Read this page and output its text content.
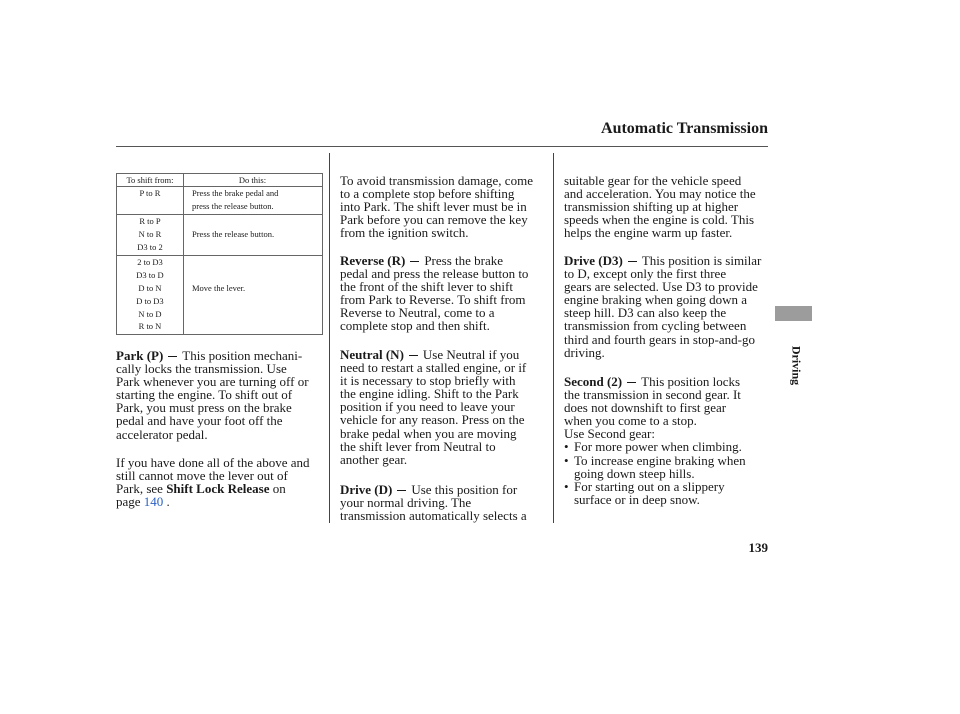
Automatic Transmission
Driving
139
To shift from:	Do this:
P to R	Press the brake pedal and
press the release button.
R to P
N to R
D3 to 2
Press the release button.
2 to D3
D3 to D
D to N
D to D3
N to D
R to N
Move the lever.
Park (P) This position mechani-
cally locks the transmission. Use
Park whenever you are turning off or
starting the engine. To shift out of
Park, you must press on the brake
pedal and have your foot off the
accelerator pedal.
If you have done all of the above and
still cannot move the lever out of
Park, see Shift Lock Release on
page 140 .
To avoid transmission damage, come
to a complete stop before shifting
into Park. The shift lever must be in
Park before you can remove the key
from the ignition switch.
Reverse (R) Press the brake
pedal and press the release button to
the front of the shift lever to shift
from Park to Reverse. To shift from
Reverse to Neutral, come to a
complete stop and then shift.
Neutral (N) Use Neutral if you
need to restart a stalled engine, or if
it is necessary to stop briefly with
the engine idling. Shift to the Park
position if you need to leave your
vehicle for any reason. Press on the
brake pedal when you are moving
the shift lever from Neutral to
another gear.
Drive (D) Use this position for
your normal driving. The
transmission automatically selects a
suitable gear for the vehicle speed
and acceleration. You may notice the
transmission shifting up at higher
speeds when the engine is cold. This
helps the engine warm up faster.
Drive (D3) This position is similar
to D, except only the first three
gears are selected. Use D3 to provide
engine braking when going down a
steep hill. D3 can also keep the
transmission from cycling between
third and fourth gears in stop-and-go
driving.
Second (2) This position locks
the transmission in second gear. It
does not downshift to first gear
when you come to a stop.
Use Second gear:
• For more power when climbing.
• To increase engine braking when
going down steep hills.
• For starting out on a slippery
surface or in deep snow.
